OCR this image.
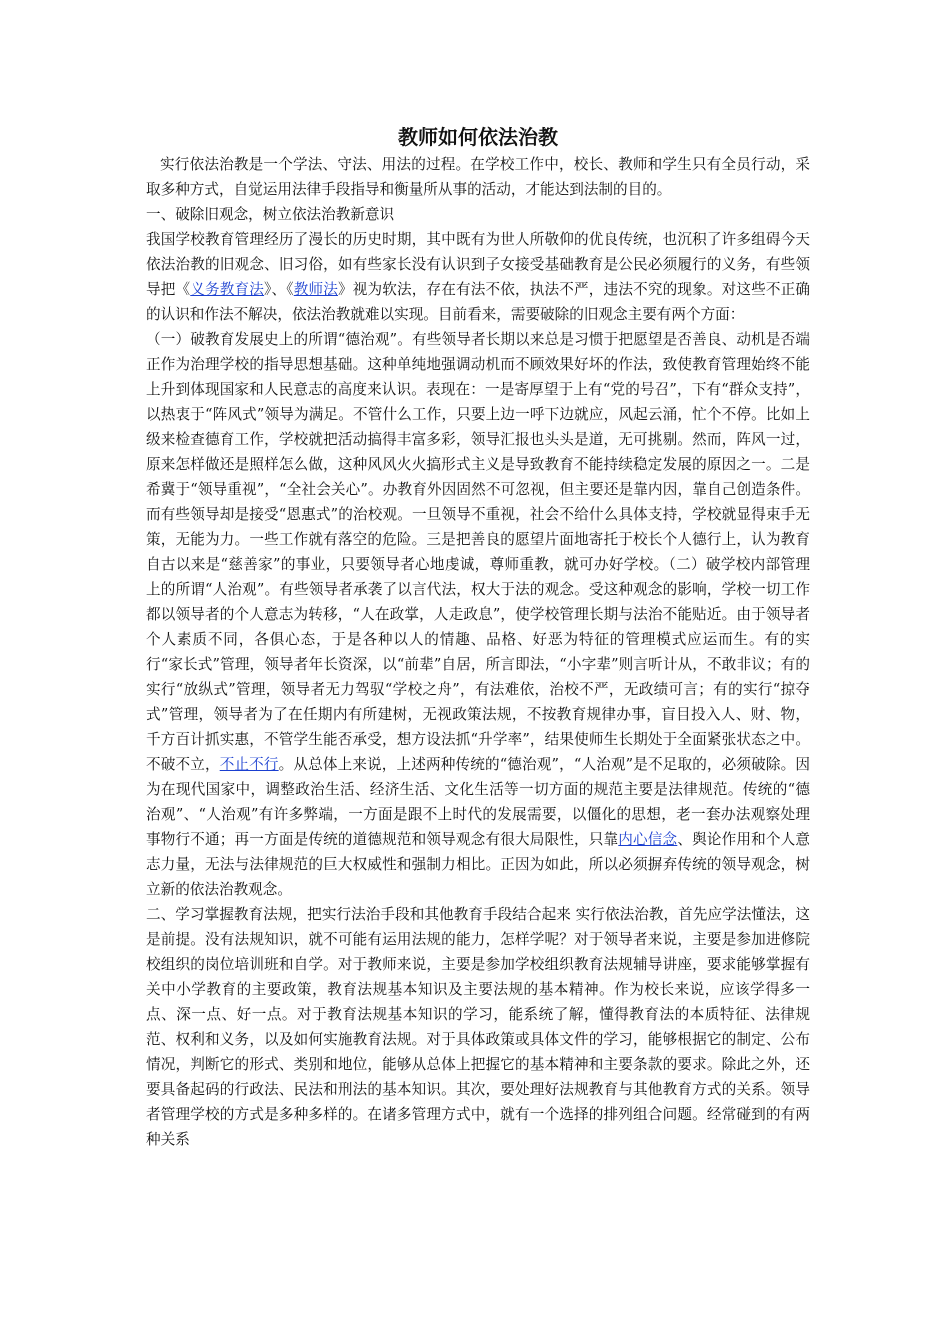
教师如何依法治教

实行依法治教是一个学法、守法、用法的过程。在学校工作中，校长、教师和学生只有全员行动，采取多种方式，自觉运用法律手段指导和衡量所从事的活动，才能达到法制的目的。

一、破除旧观念，树立依法治教新意识

我国学校教育管理经历了漫长的历史时期，其中既有为世人所敬仰的优良传统，也沉积了许多组碍今天依法治教的旧观念、旧习俗，如有些家长没有认识到子女接受基础教育是公民必须履行的义务，有些领导把《义务教育法》、《教师法》视为软法，存在有法不依，执法不严，违法不究的现象。对这些不正确的认识和作法不解决，依法治教就难以实现。目前看来，需要破除的旧观念主要有两个方面：

（一）破教育发展史上的所谓“德治观”。有些领导者长期以来总是习惯于把愿望是否善良、动机是否端正作为治理学校的指导思想基础。这种单纯地强调动机而不顾效果好坏的作法，致使教育管理始终不能上升到体现国家和人民意志的高度来认识。表现在：一是寄厚望于上有“党的号召”，下有“群众支持”，以热衷于“阵风式”领导为满足。不管什么工作，只要上边一呼下边就应，风起云涌，忙个不停。比如上级来检查德育工作，学校就把活动搞得丰富多彩，领导汇报也头头是道，无可挑剔。然而，阵风一过，原来怎样做还是照样怎么做，这种风风火火搞形式主义是导致教育不能持续稳定发展的原因之一。二是希冀于“领导重视”，“全社会关心”。办教育外因固然不可忽视，但主要还是靠内因，靠自己创造条件。而有些领导却是接受“恩惠式”的治校观。一旦领导不重视，社会不给什么具体支持，学校就显得束手无策，无能为力。一些工作就有落空的危险。三是把善良的愿望片面地寄托于校长个人德行上，认为教育自古以来是“慈善家”的事业，只要领导者心地虔诚，尊师重教，就可办好学校。（二）破学校内部管理上的所谓“人治观”。有些领导者承袭了以言代法，权大于法的观念。受这种观念的影响，学校一切工作都以领导者的个人意志为转移，“人在政掌，人走政息”，使学校管理长期与法治不能贴近。由于领导者个人素质不同，各俱心态，于是各种以人的情趣、品格、好恶为特征的管理模式应运而生。有的实行“家长式”管理，领导者年长资深，以“前辈”自居，所言即法，“小字辈”则言听计从，不敢非议；有的实行“放纵式”管理，领导者无力驾驭“学校之舟”，有法难依，治校不严，无政绩可言；有的实行“掠夺式”管理，领导者为了在任期内有所建树，无视政策法规，不按教育规律办事，盲目投入人、财、物，千方百计抓实惠，不管学生能否承受，想方设法抓“升学率”，结果使师生长期处于全面紧张状态之中。不破不立，不止不行。从总体上来说，上述两种传统的“德治观”，“人治观”是不足取的，必须破除。因为在现代国家中，调整政治生活、经济生活、文化生活等一切方面的规范主要是法律规范。传统的“德治观”、“人治观”有许多弊端，一方面是跟不上时代的发展需要，以僵化的思想，老一套办法观察处理事物行不通；再一方面是传统的道德规范和领导观念有很大局限性，只靠内心信念、舆论作用和个人意志力量，无法与法律规范的巨大权威性和强制力相比。正因为如此，所以必须摒弃传统的领导观念，树立新的依法治教观念。

二、学习掌握教育法规，把实行法治手段和其他教育手段结合起来 实行依法治教，首先应学法懂法，这是前提。没有法规知识，就不可能有运用法规的能力，怎样学呢？对于领导者来说，主要是参加进修院校组织的岗位培训班和自学。对于教师来说，主要是参加学校组织教育法规辅导讲座，要求能够掌握有关中小学教育的主要政策，教育法规基本知识及主要法规的基本精神。作为校长来说，应该学得多一点、深一点、好一点。对于教育法规基本知识的学习，能系统了解，懂得教育法的本质特征、法律规范、权利和义务，以及如何实施教育法规。对于具体政策或具体文件的学习，能够根据它的制定、公布情况，判断它的形式、类别和地位，能够从总体上把握它的基本精神和主要条款的要求。除此之外，还要具备起码的行政法、民法和刑法的基本知识。其次，要处理好法规教育与其他教育方式的关系。领导者管理学校的方式是多种多样的。在诸多管理方式中，就有一个选择的排列组合问题。经常碰到的有两种关系
